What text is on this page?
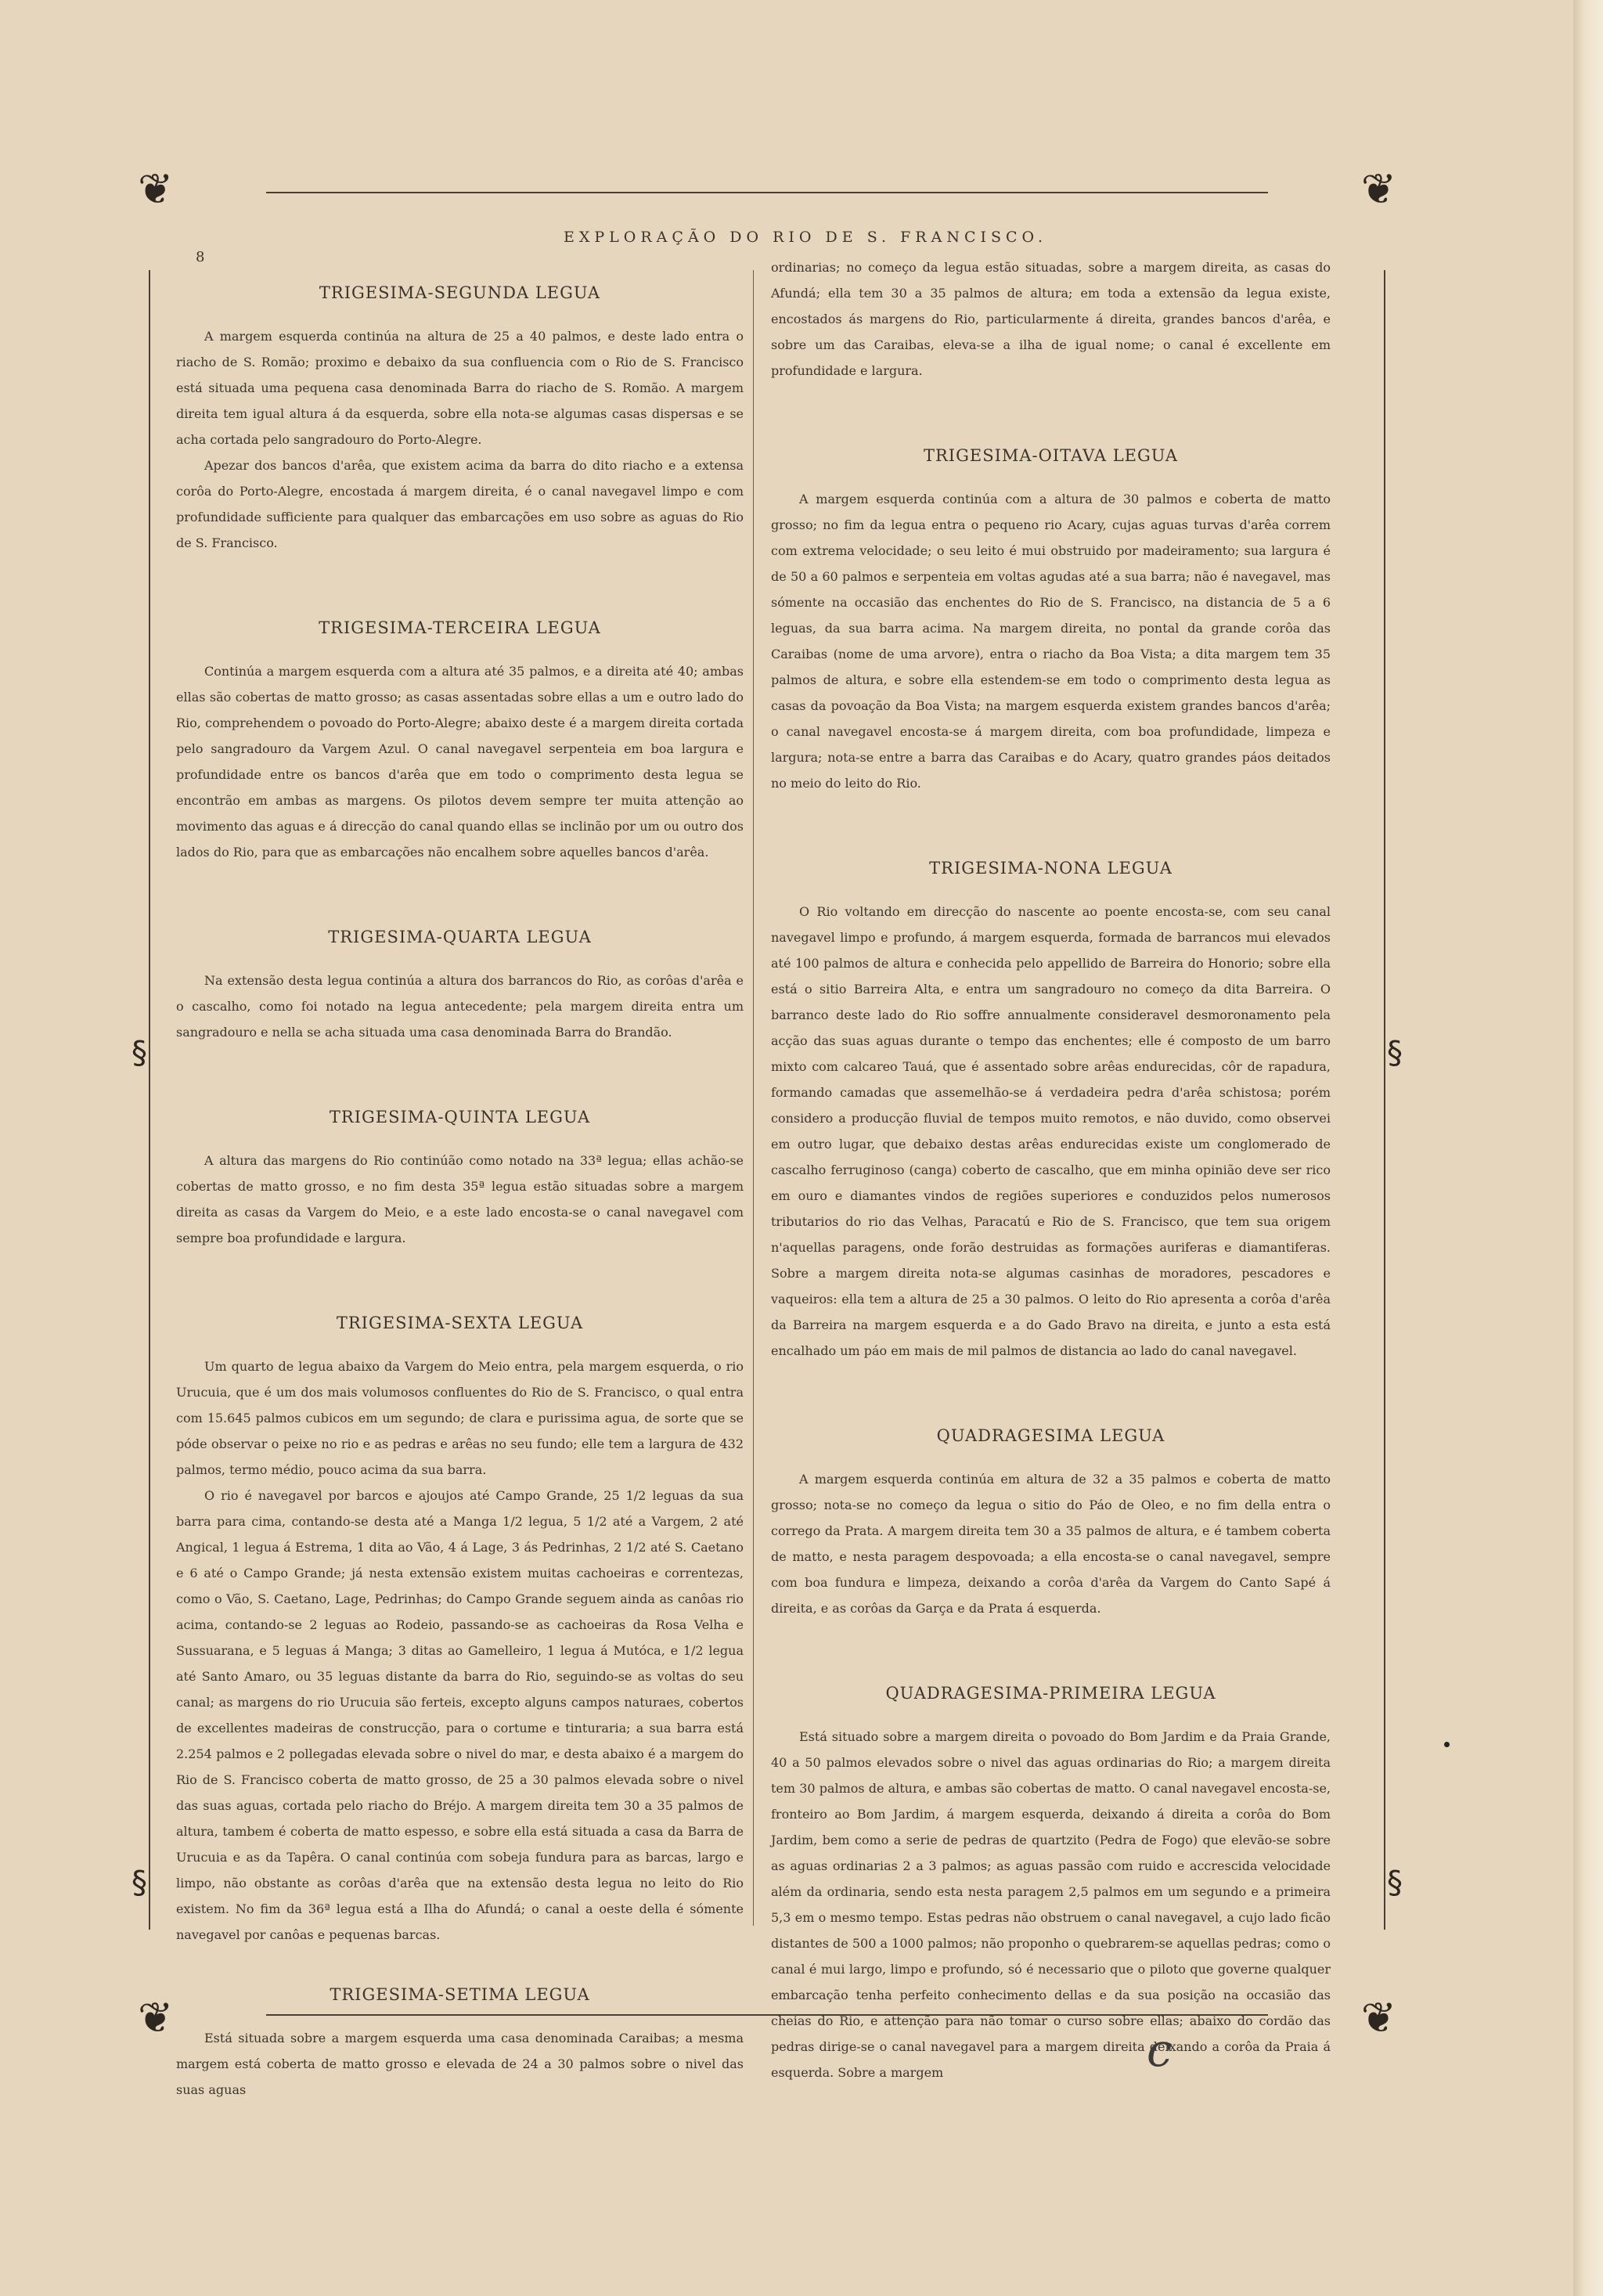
❦	❦
❦	❦
§	§
§	§
8
EXPLORAÇÃO DO RIO DE S. FRANCISCO.
TRIGESIMA-SEGUNDA LEGUA

A margem esquerda continúa na altura de 25 a 40 palmos, e deste lado entra o riacho de S. Romão; proximo e debaixo da sua confluencia com o Rio de S. Francisco está situada uma pequena casa denominada Barra do riacho de S. Romão. A margem direita tem igual altura á da esquerda, sobre ella nota-se algumas casas dispersas e se acha cortada pelo sangradouro do Porto-Alegre.

Apezar dos bancos d'arêa, que existem acima da barra do dito riacho e a extensa corôa do Porto-Alegre, encostada á margem direita, é o canal navegavel limpo e com profundidade sufficiente para qualquer das embarcações em uso sobre as aguas do Rio de S. Francisco.

TRIGESIMA-TERCEIRA LEGUA

Continúa a margem esquerda com a altura até 35 palmos, e a direita até 40; ambas ellas são cobertas de matto grosso; as casas assentadas sobre ellas a um e outro lado do Rio, comprehendem o povoado do Porto-Alegre; abaixo deste é a margem direita cortada pelo sangradouro da Vargem Azul. O canal navegavel serpenteia em boa largura e profundidade entre os bancos d'arêa que em todo o comprimento desta legua se encontrão em ambas as margens. Os pilotos devem sempre ter muita attenção ao movimento das aguas e á direcção do canal quando ellas se inclinão por um ou outro dos lados do Rio, para que as embarcações não encalhem sobre aquelles bancos d'arêa.

TRIGESIMA-QUARTA LEGUA

Na extensão desta legua continúa a altura dos barrancos do Rio, as corôas d'arêa e o cascalho, como foi notado na legua antecedente; pela margem direita entra um sangradouro e nella se acha situada uma casa denominada Barra do Brandão.

TRIGESIMA-QUINTA LEGUA

A altura das margens do Rio continúão como notado na 33ª legua; ellas achão-se cobertas de matto grosso, e no fim desta 35ª legua estão situadas sobre a margem direita as casas da Vargem do Meio, e a este lado encosta-se o canal navegavel com sempre boa profundidade e largura.

TRIGESIMA-SEXTA LEGUA

Um quarto de legua abaixo da Vargem do Meio entra, pela margem esquerda, o rio Urucuia, que é um dos mais volumosos confluentes do Rio de S. Francisco, o qual entra com 15.645 palmos cubicos em um segundo; de clara e purissima agua, de sorte que se póde observar o peixe no rio e as pedras e arêas no seu fundo; elle tem a largura de 432 palmos, termo médio, pouco acima da sua barra.

O rio é navegavel por barcos e ajoujos até Campo Grande, 25 1/2 leguas da sua barra para cima, contando-se desta até a Manga 1/2 legua, 5 1/2 até a Vargem, 2 até Angical, 1 legua á Estrema, 1 dita ao Vão, 4 á Lage, 3 ás Pedrinhas, 2 1/2 até S. Caetano e 6 até o Campo Grande; já nesta extensão existem muitas cachoeiras e correntezas, como o Vão, S. Caetano, Lage, Pedrinhas; do Campo Grande seguem ainda as canôas rio acima, contando-se 2 leguas ao Rodeio, passando-se as cachoeiras da Rosa Velha e Sussuarana, e 5 leguas á Manga; 3 ditas ao Gamelleiro, 1 legua á Mutóca, e 1/2 legua até Santo Amaro, ou 35 leguas distante da barra do Rio, seguindo-se as voltas do seu canal; as margens do rio Urucuia são ferteis, excepto alguns campos naturaes, cobertos de excellentes madeiras de construcção, para o cortume e tinturaria; a sua barra está 2.254 palmos e 2 pollegadas elevada sobre o nivel do mar, e desta abaixo é a margem do Rio de S. Francisco coberta de matto grosso, de 25 a 30 palmos elevada sobre o nivel das suas aguas, cortada pelo riacho do Bréjo. A margem direita tem 30 a 35 palmos de altura, tambem é coberta de matto espesso, e sobre ella está situada a casa da Barra de Urucuia e as da Tapêra. O canal continúa com sobeja fundura para as barcas, largo e limpo, não obstante as corôas d'arêa que na extensão desta legua no leito do Rio existem. No fim da 36ª legua está a Ilha do Afundá; o canal a oeste della é sómente navegavel por canôas e pequenas barcas.

TRIGESIMA-SETIMA LEGUA

Está situada sobre a margem esquerda uma casa denominada Caraibas; a mesma margem está coberta de matto grosso e elevada de 24 a 30 palmos sobre o nivel das suas aguas

ordinarias; no começo da legua estão situadas, sobre a margem direita, as casas do Afundá; ella tem 30 a 35 palmos de altura; em toda a extensão da legua existe, encostados ás margens do Rio, particularmente á direita, grandes bancos d'arêa, e sobre um das Caraibas, eleva-se a ilha de igual nome; o canal é excellente em profundidade e largura.

TRIGESIMA-OITAVA LEGUA

A margem esquerda continúa com a altura de 30 palmos e coberta de matto grosso; no fim da legua entra o pequeno rio Acary, cujas aguas turvas d'arêa correm com extrema velocidade; o seu leito é mui obstruido por madeiramento; sua largura é de 50 a 60 palmos e serpenteia em voltas agudas até a sua barra; não é navegavel, mas sómente na occasião das enchentes do Rio de S. Francisco, na distancia de 5 a 6 leguas, da sua barra acima. Na margem direita, no pontal da grande corôa das Caraibas (nome de uma arvore), entra o riacho da Boa Vista; a dita margem tem 35 palmos de altura, e sobre ella estendem-se em todo o comprimento desta legua as casas da povoação da Boa Vista; na margem esquerda existem grandes bancos d'arêa; o canal navegavel encosta-se á margem direita, com boa profundidade, limpeza e largura; nota-se entre a barra das Caraibas e do Acary, quatro grandes páos deitados no meio do leito do Rio.

TRIGESIMA-NONA LEGUA

O Rio voltando em direcção do nascente ao poente encosta-se, com seu canal navegavel limpo e profundo, á margem esquerda, formada de barrancos mui elevados até 100 palmos de altura e conhecida pelo appellido de Barreira do Honorio; sobre ella está o sitio Barreira Alta, e entra um sangradouro no começo da dita Barreira. O barranco deste lado do Rio soffre annualmente consideravel desmoronamento pela acção das suas aguas durante o tempo das enchentes; elle é composto de um barro mixto com calcareo Tauá, que é assentado sobre arêas endurecidas, côr de rapadura, formando camadas que assemelhão-se á verdadeira pedra d'arêa schistosa; porém considero a producção fluvial de tempos muito remotos, e não duvido, como observei em outro lugar, que debaixo destas arêas endurecidas existe um conglomerado de cascalho ferruginoso (canga) coberto de cascalho, que em minha opinião deve ser rico em ouro e diamantes vindos de regiões superiores e conduzidos pelos numerosos tributarios do rio das Velhas, Paracatú e Rio de S. Francisco, que tem sua origem n'aquellas paragens, onde forão destruidas as formações auriferas e diamantiferas. Sobre a margem direita nota-se algumas casinhas de moradores, pescadores e vaqueiros: ella tem a altura de 25 a 30 palmos. O leito do Rio apresenta a corôa d'arêa da Barreira na margem esquerda e a do Gado Bravo na direita, e junto a esta está encalhado um páo em mais de mil palmos de distancia ao lado do canal navegavel.

QUADRAGESIMA LEGUA

A margem esquerda continúa em altura de 32 a 35 palmos e coberta de matto grosso; nota-se no começo da legua o sitio do Páo de Oleo, e no fim della entra o corrego da Prata. A margem direita tem 30 a 35 palmos de altura, e é tambem coberta de matto, e nesta paragem despovoada; a ella encosta-se o canal navegavel, sempre com boa fundura e limpeza, deixando a corôa d'arêa da Vargem do Canto Sapé á direita, e as corôas da Garça e da Prata á esquerda.

QUADRAGESIMA-PRIMEIRA LEGUA

Está situado sobre a margem direita o povoado do Bom Jardim e da Praia Grande, 40 a 50 palmos elevados sobre o nivel das aguas ordinarias do Rio; a margem direita tem 30 palmos de altura, e ambas são cobertas de matto. O canal navegavel encosta-se, fronteiro ao Bom Jardim, á margem esquerda, deixando á direita a corôa do Bom Jardim, bem como a serie de pedras de quartzito (Pedra de Fogo) que elevão-se sobre as aguas ordinarias 2 a 3 palmos; as aguas passão com ruido e accrescida velocidade além da ordinaria, sendo esta nesta paragem 2,5 palmos em um segundo e a primeira 5,3 em o mesmo tempo. Estas pedras não obstruem o canal navegavel, a cujo lado ficão distantes de 500 a 1000 palmos; não proponho o quebrarem-se aquellas pedras; como o canal é mui largo, limpo e profundo, só é necessario que o piloto que governe qualquer embarcação tenha perfeito conhecimento dellas e da sua posição na occasião das cheias do Rio, e attenção para não tomar o curso sobre ellas; abaixo do cordão das pedras dirige-se o canal navegavel para a margem direita deixando a corôa da Praia á esquerda. Sobre a margem	c
